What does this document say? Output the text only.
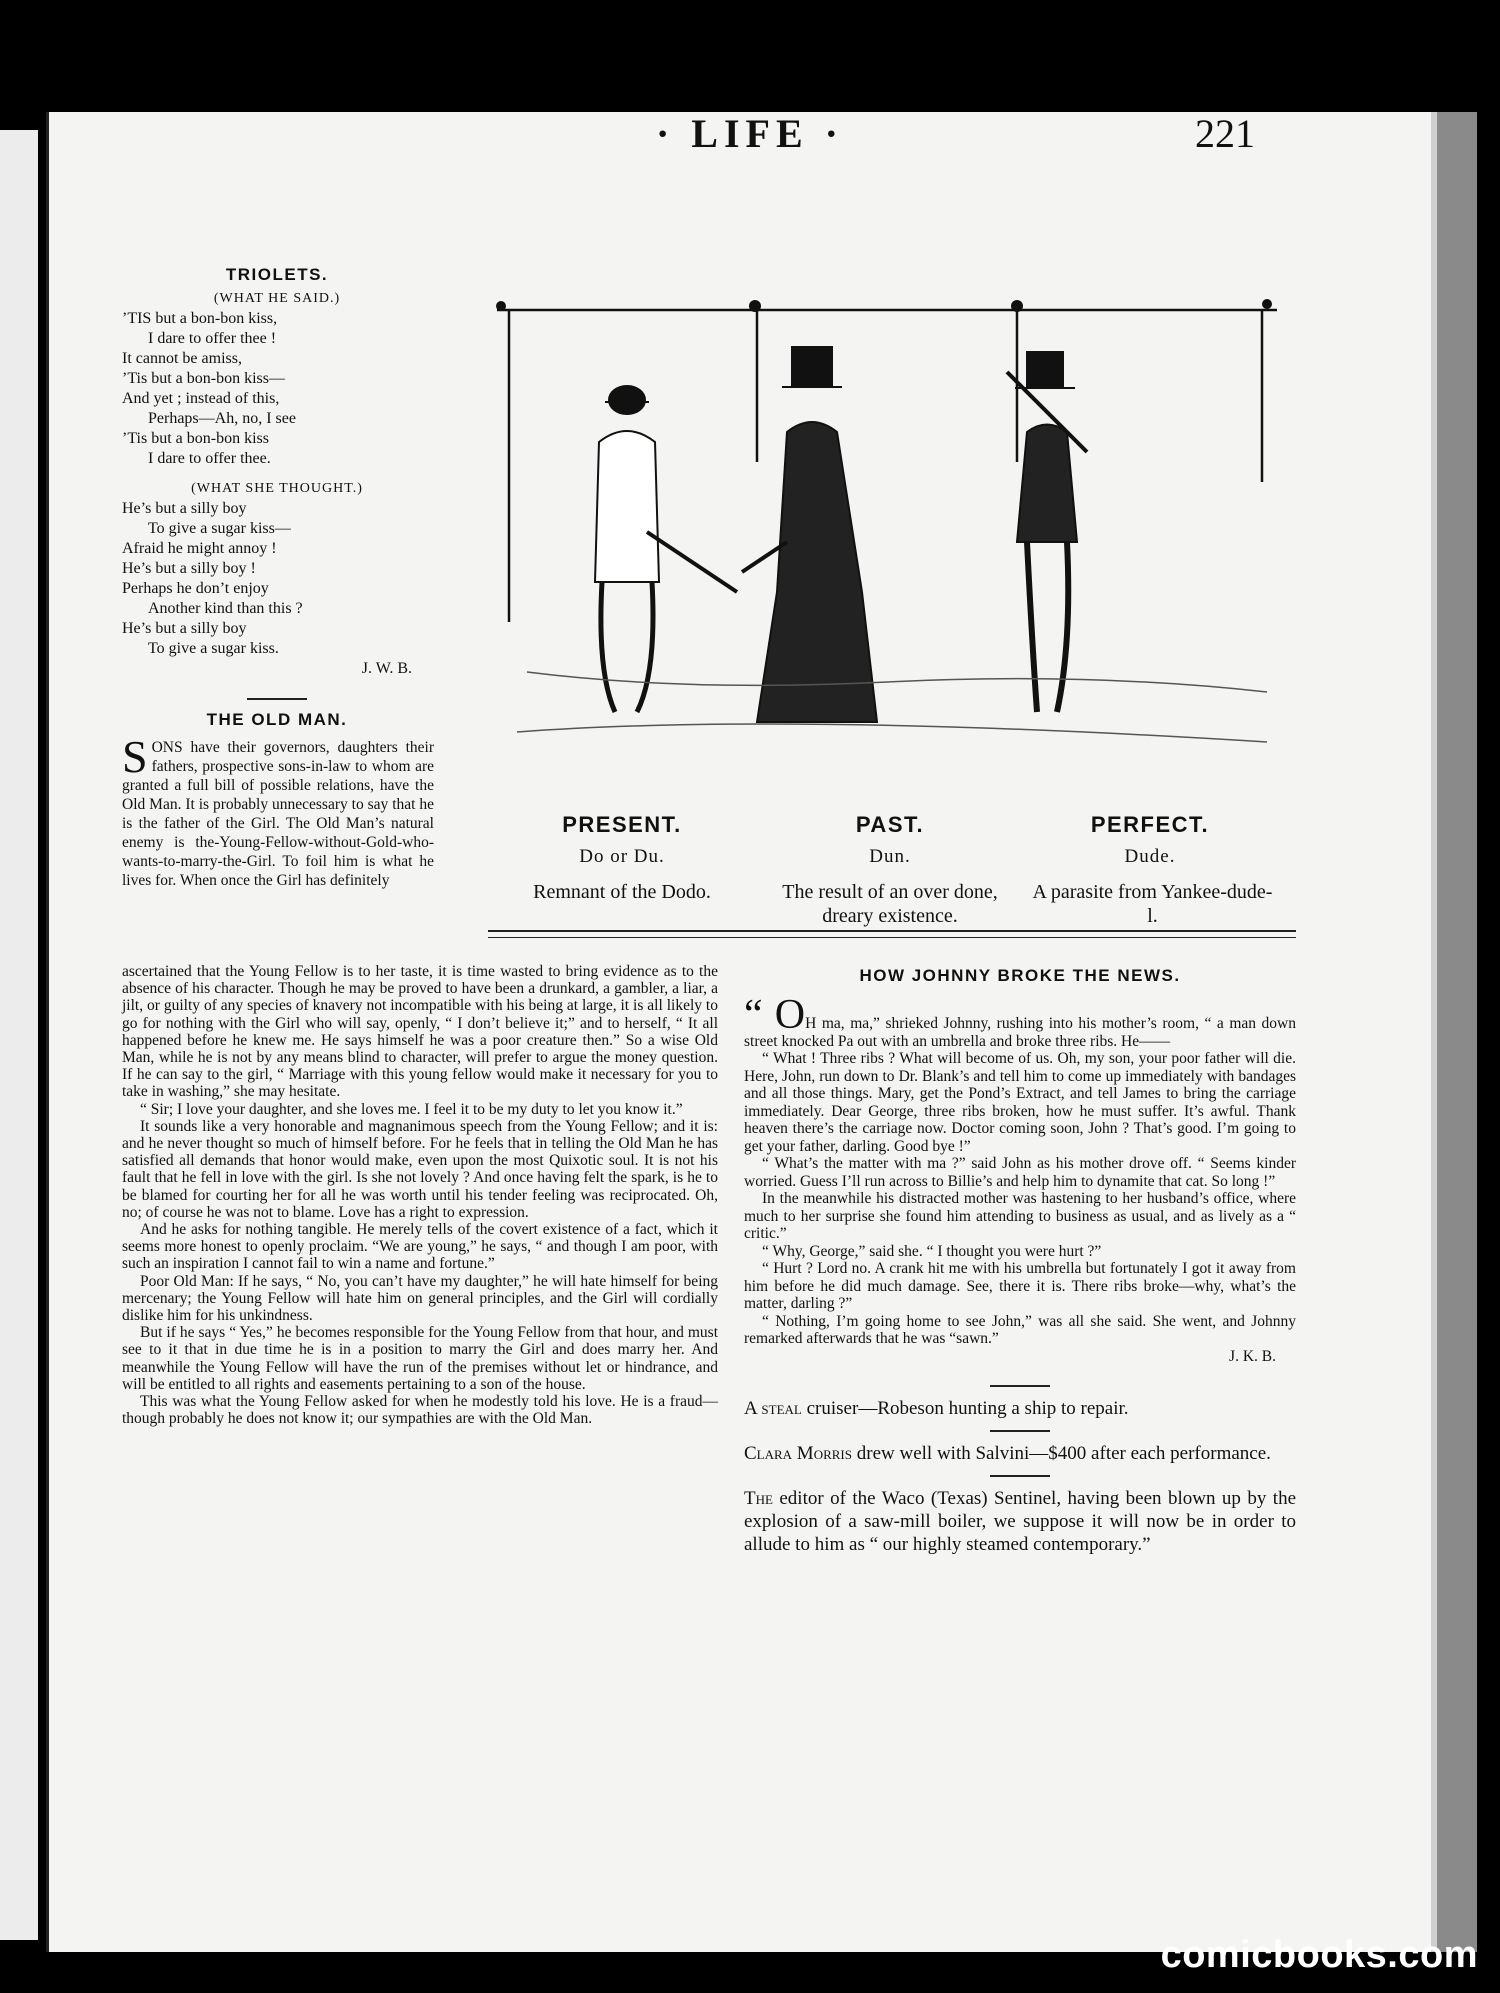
· LIFE ·	221
TRIOLETS.
(WHAT HE SAID.)
’TIS but a bon-bon kiss,
I dare to offer thee !
It cannot be amiss,
’Tis but a bon-bon kiss—
And yet ; instead of this,
Perhaps—Ah, no, I see
’Tis but a bon-bon kiss
I dare to offer thee.
(WHAT SHE THOUGHT.)
He’s but a silly boy
To give a sugar kiss—
Afraid he might annoy !
He’s but a silly boy !
Perhaps he don’t enjoy
Another kind than this ?
He’s but a silly boy
To give a sugar kiss.
J. W. B.
THE OLD MAN.
SONS have their governors, daughters their fathers, prospective sons-in-law to whom are granted a full bill of possible relations, have the Old Man. It is probably unnecessary to say that he is the father of the Girl. The Old Man’s natural enemy is the-Young-Fellow-without-Gold-who-wants-to-marry-the-Girl. To foil him is what he lives for. When once the Girl has definitely

ascertained that the Young Fellow is to her taste, it is time wasted to bring evidence as to the absence of his character. Though he may be proved to have been a drunkard, a gambler, a liar, a jilt, or guilty of any species of knavery not incompatible with his being at large, it is all likely to go for nothing with the Girl who will say, openly, “ I don’t believe it;” and to herself, “ It all happened before he knew me. He says himself he was a poor creature then.” So a wise Old Man, while he is not by any means blind to character, will prefer to argue the money question. If he can say to the girl, “ Marriage with this young fellow would make it necessary for you to take in washing,” she may hesitate.

“ Sir; I love your daughter, and she loves me. I feel it to be my duty to let you know it.”

It sounds like a very honorable and magnanimous speech from the Young Fellow; and it is: and he never thought so much of himself before. For he feels that in telling the Old Man he has satisfied all demands that honor would make, even upon the most Quixotic soul. It is not his fault that he fell in love with the girl. Is she not lovely ? And once having felt the spark, is he to be blamed for courting her for all he was worth until his tender feeling was reciprocated. Oh, no; of course he was not to blame. Love has a right to expression.

And he asks for nothing tangible. He merely tells of the covert existence of a fact, which it seems more honest to openly proclaim. “We are young,” he says, “ and though I am poor, with such an inspiration I cannot fail to win a name and fortune.”

Poor Old Man: If he says, “ No, you can’t have my daughter,” he will hate himself for being mercenary; the Young Fellow will hate him on general principles, and the Girl will cordially dislike him for his unkindness.

But if he says “ Yes,” he becomes responsible for the Young Fellow from that hour, and must see to it that in due time he is in a position to marry the Girl and does marry her. And meanwhile the Young Fellow will have the run of the premises without let or hindrance, and will be entitled to all rights and easements pertaining to a son of the house.

This was what the Young Fellow asked for when he modestly told his love. He is a fraud—though probably he does not know it; our sympathies are with the Old Man.

PRESENT.
Do or Du.
Remnant of the Dodo.
PAST.
Dun.
The result of an over done, dreary existence.
PERFECT.
Dude.
A parasite from Yankee-dude-l.
HOW JOHNNY BROKE THE NEWS.

“ OH ma, ma,” shrieked Johnny, rushing into his mother’s room, “ a man down street knocked Pa out with an umbrella and broke three ribs. He——

“ What ! Three ribs ? What will become of us. Oh, my son, your poor father will die. Here, John, run down to Dr. Blank’s and tell him to come up immediately with bandages and all those things. Mary, get the Pond’s Extract, and tell James to bring the carriage immediately. Dear George, three ribs broken, how he must suffer. It’s awful. Thank heaven there’s the carriage now. Doctor coming soon, John ? That’s good. I’m going to get your father, darling. Good bye !”

“ What’s the matter with ma ?” said John as his mother drove off. “ Seems kinder worried. Guess I’ll run across to Billie’s and help him to dynamite that cat. So long !”

In the meanwhile his distracted mother was hastening to her husband’s office, where much to her surprise she found him attending to business as usual, and as lively as a “ critic.”

“ Why, George,” said she. “ I thought you were hurt ?”

“ Hurt ? Lord no. A crank hit me with his umbrella but fortunately I got it away from him before he did much damage. See, there it is. There ribs broke—why, what’s the matter, darling ?”

“ Nothing, I’m going home to see John,” was all she said. She went, and Johnny remarked afterwards that he was “sawn.”

J. K. B.

A steal cruiser—Robeson hunting a ship to repair.

Clara Morris drew well with Salvini—$400 after each performance.

The editor of the Waco (Texas) Sentinel, having been blown up by the explosion of a saw-mill boiler, we suppose it will now be in order to allude to him as “ our highly steamed contemporary.”

comicbooks.com
